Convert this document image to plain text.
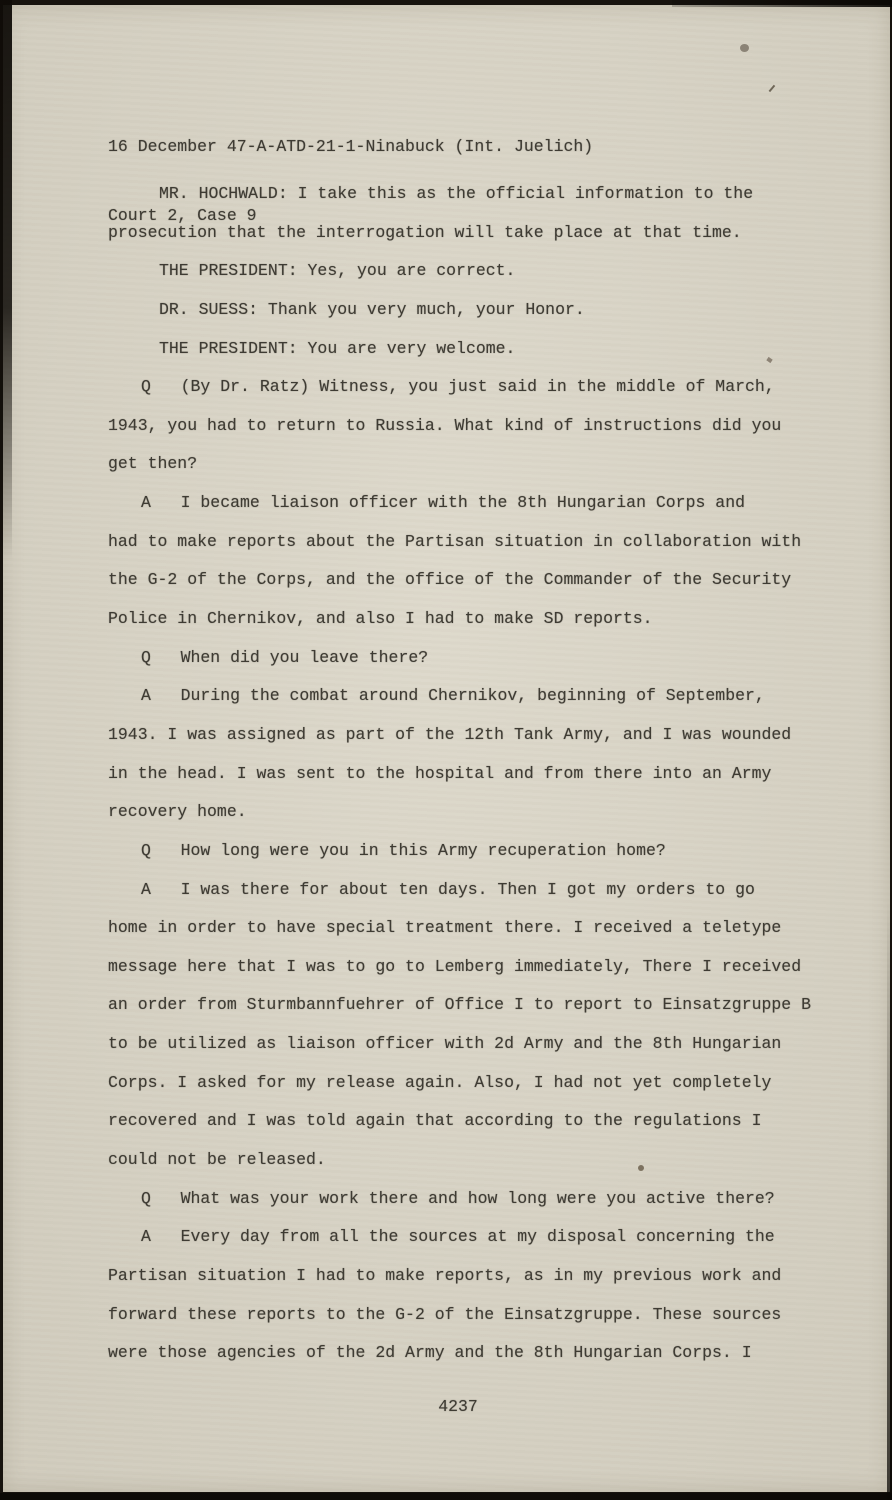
16 December 47-A-ATD-21-1-Ninabuck (Int. Juelich)

Court 2, Case 9

MR. HOCHWALD: I take this as the official information to the
prosecution that the interrogation will take place at that time.
THE PRESIDENT: Yes, you are correct.
DR. SUESS: Thank you very much, your Honor.
THE PRESIDENT: You are very welcome.
Q   (By Dr. Ratz) Witness, you just said in the middle of March,
1943, you had to return to Russia. What kind of instructions did you
get then?
A   I became liaison officer with the 8th Hungarian Corps and
had to make reports about the Partisan situation in collaboration with
the G-2 of the Corps, and the office of the Commander of the Security
Police in Chernikov, and also I had to make SD reports.
Q   When did you leave there?
A   During the combat around Chernikov, beginning of September,
1943. I was assigned as part of the 12th Tank Army, and I was wounded
in the head. I was sent to the hospital and from there into an Army
recovery home.
Q   How long were you in this Army recuperation home?
A   I was there for about ten days. Then I got my orders to go
home in order to have special treatment there. I received a teletype
message here that I was to go to Lemberg immediately, There I received
an order from Sturmbannfuehrer of Office I to report to Einsatzgruppe B
to be utilized as liaison officer with 2d Army and the 8th Hungarian
Corps. I asked for my release again. Also, I had not yet completely
recovered and I was told again that according to the regulations I
could not be released.
Q   What was your work there and how long were you active there?
A   Every day from all the sources at my disposal concerning the
Partisan situation I had to make reports, as in my previous work and
forward these reports to the G-2 of the Einsatzgruppe. These sources
were those agencies of the 2d Army and the 8th Hungarian Corps. I
4237
